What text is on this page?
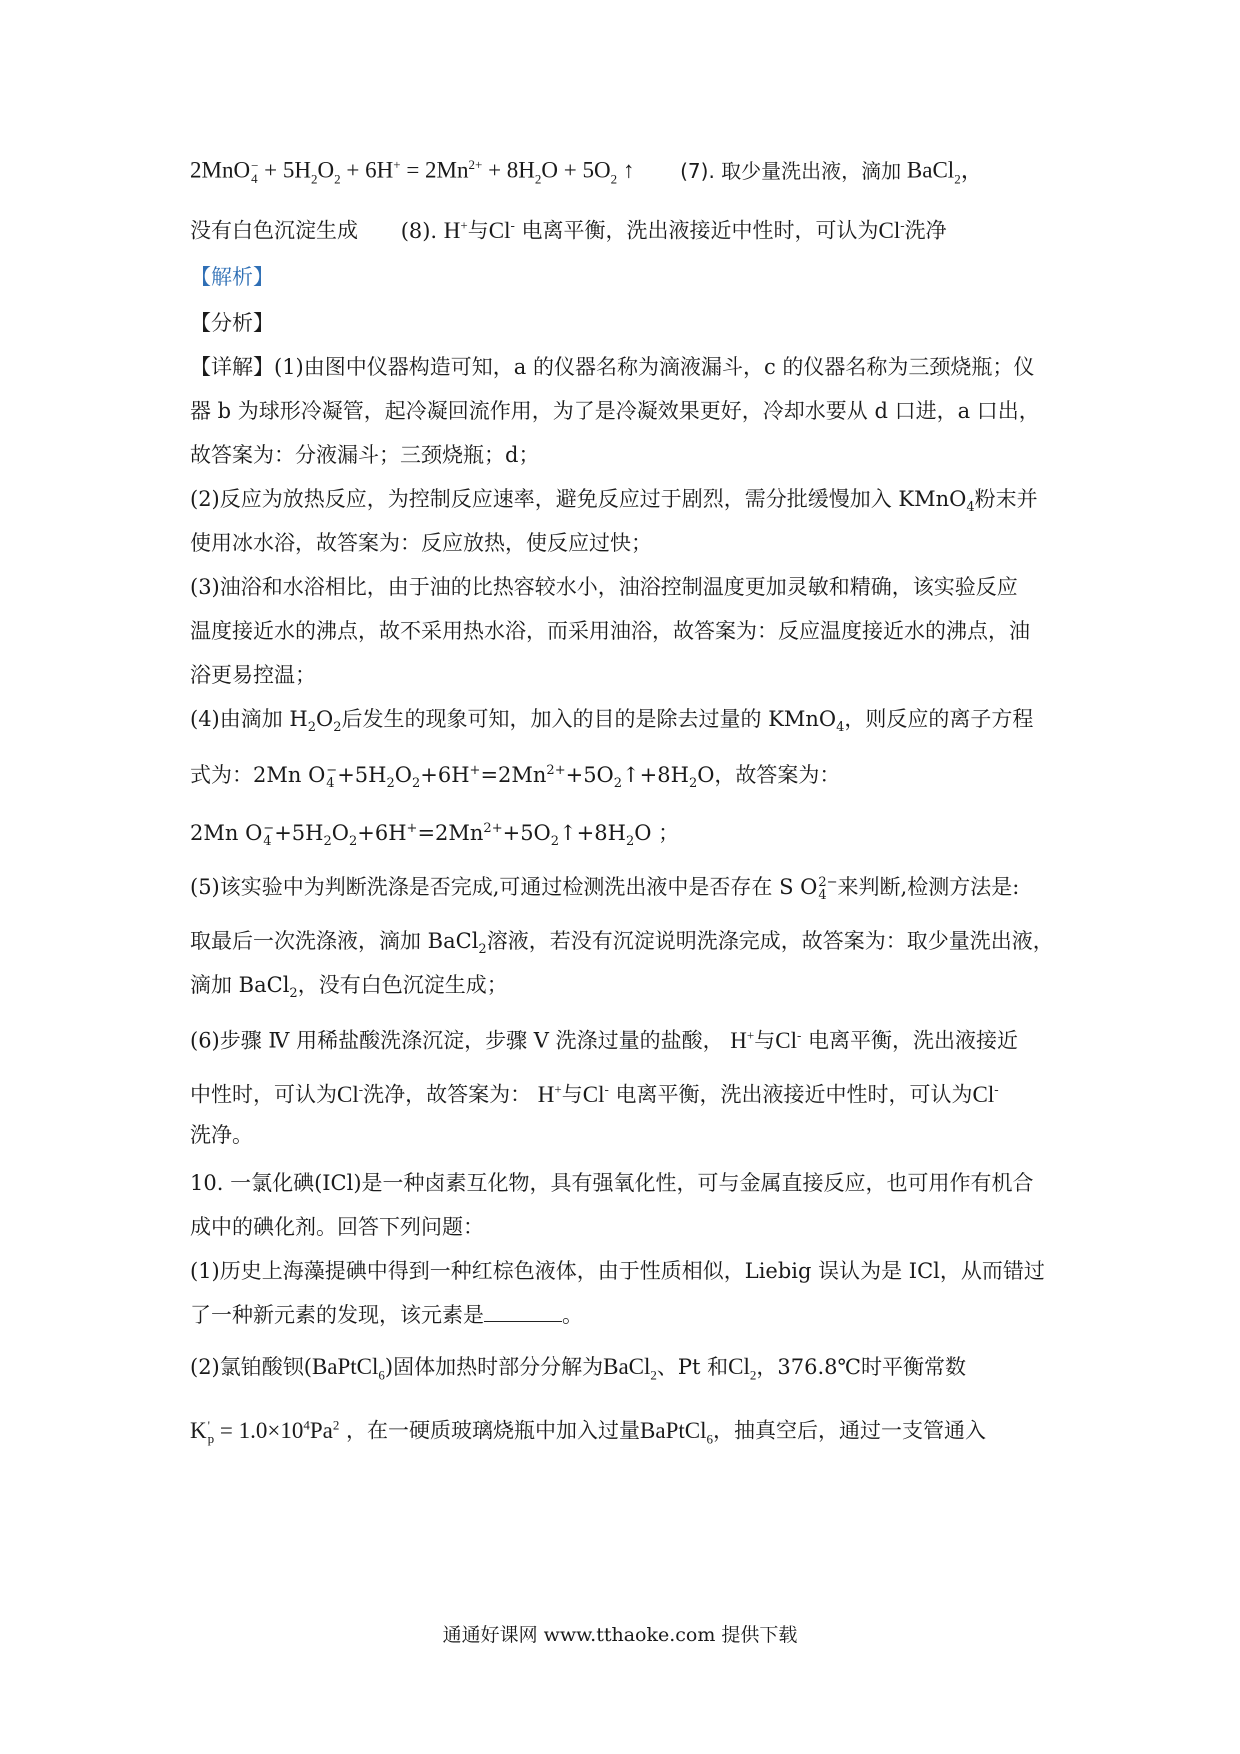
2MnO −
$4 + 5H_2O_2 + 6H^+ = 2Mn^{2+} + 8H_2O + 5O_2$ ↑ (7). 取少量洗出液，滴加 BaCl$_2$，
没有白色沉淀生成 (8). H+与Cl- 电离平衡，洗出液接近中性时，可认为Cl-洗净
【解析】
【分析】
【详解】(1)由图中仪器构造可知，a 的仪器名称为滴液漏斗，c 的仪器名称为三颈烧瓶；仪
器 b 为球形冷凝管，起冷凝回流作用，为了是冷凝效果更好，冷却水要从 d 口进，a 口出，
故答案为：分液漏斗；三颈烧瓶；d；
(2)反应为放热反应，为控制反应速率，避免反应过于剧烈，需分批缓慢加入 KMnO$_4$粉末并
使用冰水浴，故答案为：反应放热，使反应过快；
(3)油浴和水浴相比，由于油的比热容较水小，油浴控制温度更加灵敏和精确，该实验反应
温度接近水的沸点，故不采用热水浴，而采用油浴，故答案为：反应温度接近水的沸点，油
浴更易控温；
(4)由滴加 $H_2O_2$后发生的现象可知，加入的目的是除去过量的 KMnO$_4$，则反应的离子方程
式为：2Mn O −
$4 +5H_2O_2+6H^+=2Mn^{2+}+5O_2↑+8H_2O$，故答案为：
2Mn O −
$4 +5H_2O_2+6H^+=2Mn^{2+}+5O_2↑+8H_2O$ ；
(5)该实验中为判断洗涤是否完成,可通过检测洗出液中是否存在 S O 2−
4 来判断,检测方法是:
取最后一次洗涤液，滴加 BaCl$_2$溶液，若没有沉淀说明洗涤完成，故答案为：取少量洗出液，
滴加 BaCl$_2$，没有白色沉淀生成；
(6)步骤 Ⅳ 用稀盐酸洗涤沉淀，步骤 Ⅴ 洗涤过量的盐酸， H+与Cl- 电离平衡，洗出液接近
中性时，可认为Cl-洗净，故答案为： H+与Cl- 电离平衡，洗出液接近中性时，可认为Cl-
洗净。
10. 一氯化碘(ICl)是一种卤素互化物，具有强氧化性，可与金属直接反应，也可用作有机合
成中的碘化剂。回答下列问题：
(1)历史上海藻提碘中得到一种红棕色液体，由于性质相似，Liebig 误认为是 ICl，从而错过
了一种新元素的发现，该元素是	。
(2)氯铂酸钡(BaPtCl$_6$)固体加热时部分分解为BaCl$_2$、Pt 和$Cl_2$，376.8℃时平衡常数
K '
$p = 1.0\times 10^4Pa^2$ ，在一硬质玻璃烧瓶中加入过量BaPtCl$_6$，抽真空后，通过一支管通入
通通好课网 www.tthaoke.com 提供下载
